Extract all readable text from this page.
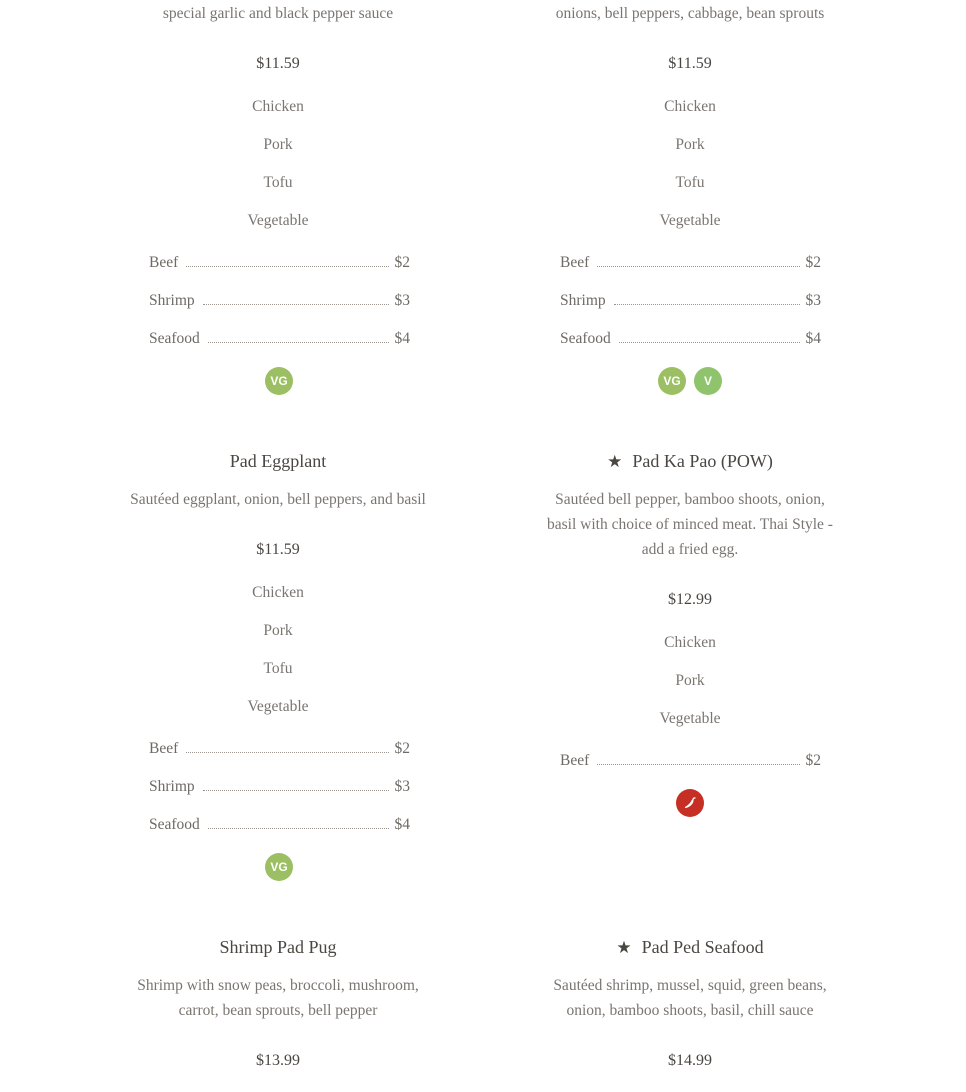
special garlic and black pepper sauce
$11.59
Chicken
Pork
Tofu
Vegetable
Beef	$2
Shrimp	$3
Seafood	$4
VG
onions, bell peppers, cabbage, bean sprouts
$11.59
Chicken
Pork
Tofu
Vegetable
Beef	$2
Shrimp	$3
Seafood	$4
VG	V
Pad Eggplant
Sautéed eggplant, onion, bell peppers, and basil
$11.59
Chicken
Pork
Tofu
Vegetable
Beef	$2
Shrimp	$3
Seafood	$4
VG
★ Pad Ka Pao (POW)
Sautéed bell pepper, bamboo shoots, onion, basil with choice of minced meat. Thai Style - add a fried egg.
$12.99
Chicken
Pork
Vegetable
Beef	$2
Shrimp Pad Pug
Shrimp with snow peas, broccoli, mushroom, carrot, bean sprouts, bell pepper
$13.99
★ Pad Ped Seafood
Sautéed shrimp, mussel, squid, green beans, onion, bamboo shoots, basil, chill sauce
$14.99
